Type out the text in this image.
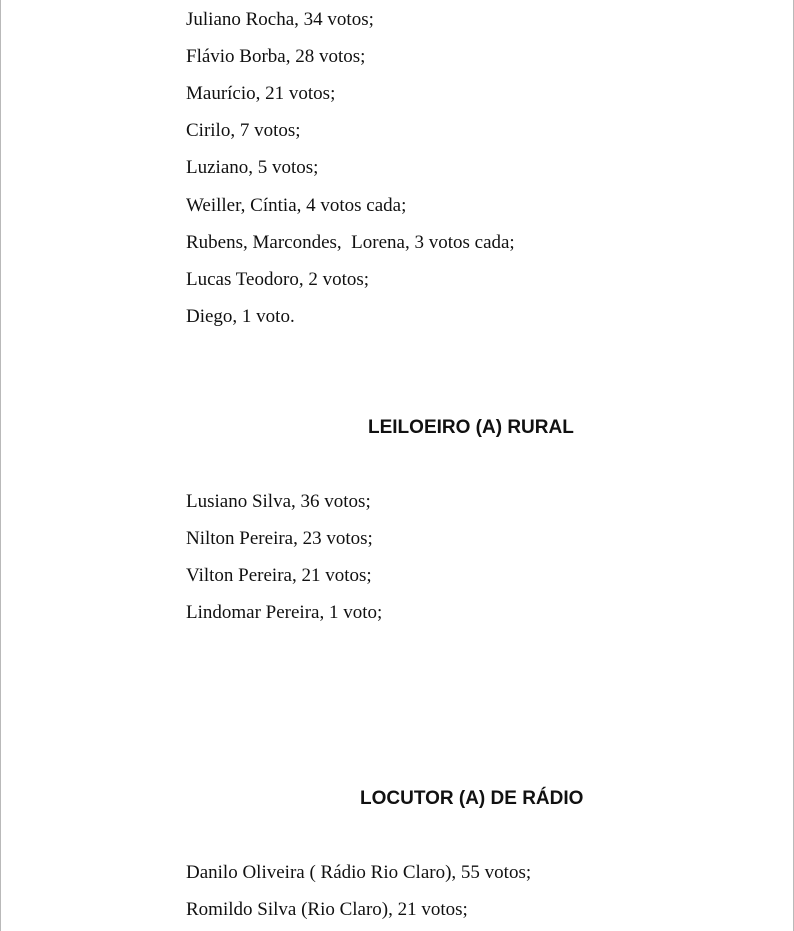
Juliano Rocha, 34 votos;
Flávio Borba, 28 votos;
Maurício, 21 votos;
Cirilo, 7 votos;
Luziano, 5 votos;
Weiller, Cíntia, 4 votos cada;
Rubens, Marcondes,  Lorena, 3 votos cada;
Lucas Teodoro, 2 votos;
Diego, 1 voto.
LEILOEIRO (A) RURAL
Lusiano Silva, 36 votos;
Nilton Pereira, 23 votos;
Vilton Pereira, 21 votos;
Lindomar Pereira, 1 voto;
LOCUTOR (A) DE RÁDIO
Danilo Oliveira ( Rádio Rio Claro), 55 votos;
Romildo Silva (Rio Claro), 21 votos;
